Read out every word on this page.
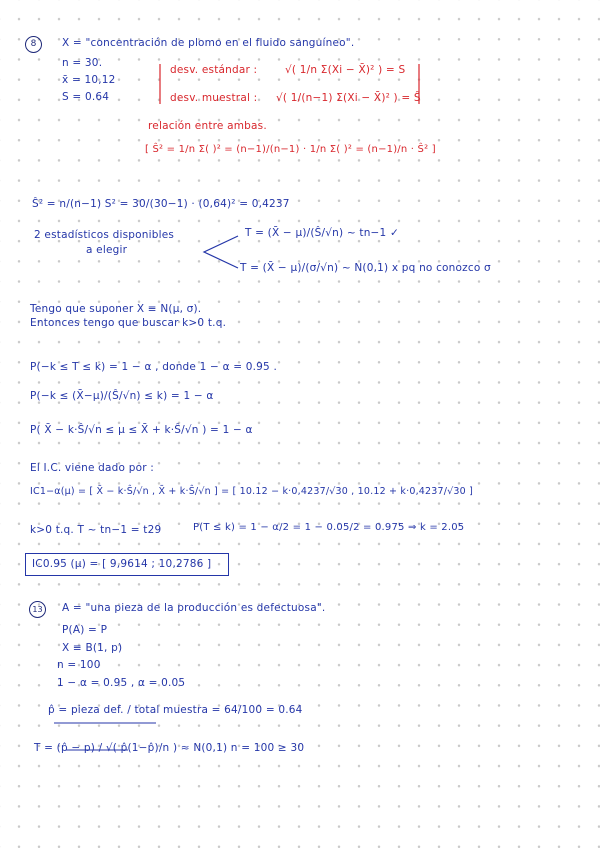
8	X = "concentración de plomo en el fluido sanguíneo".
n = 30.
x̄ = 10,12
S = 0.64
desv. estándar :	√( 1/n Σ(Xi − X̄)² ) = S
desv. muestral : √( 1/(n−1) Σ(Xi − X̄)² ) = Ŝ
relación entre ambas.
[ Ŝ² = 1/n Σ( )² = (n−1)/(n−1) · 1/n Σ( )² = (n−1)/n · Ŝ² ]
Ŝ² = n/(n−1) S² = 30/(30−1) · (0,64)² = 0,4237
2 estadísticos disponibles
a elegir
T = (X̄ − μ)/(Ŝ/√n) ~ tn−1 ✓
T = (X̄ − μ)/(σ/√n) ~ N(0,1) x pq no conozco σ
Tengo que suponer X ≡ N(μ, σ).
Entonces tengo que buscar k>0 t.q.
P(−k ≤ T ≤ k) = 1 − α , donde 1 − α = 0.95 .
P(−k ≤ (X̄−μ)/(Ŝ/√n) ≤ k) = 1 − α
P( X̄ − k·Ŝ/√n ≤ μ ≤ X̄ + k·Ŝ/√n ) = 1 − α
El I.C. viene dado por :
IC1−α(μ) = [ X̄ − k·Ŝ/√n , X̄ + k·Ŝ/√n ] = [ 10.12 − k·0,4237/√30 , 10.12 + k·0,4237/√30 ]
k>0 t.q. T ~ tn−1 = t29	P(T ≤ k) = 1 − α/2 = 1 − 0.05/2 = 0.975 ⇒ k = 2.05
IC0.95 (μ) = [ 9,9614 ; 10,2786 ]
13	A = "una pieza de la producción es defectuosa".
P(A) = P
X ≡ B(1, p)
n = 100
1 − α = 0.95 , α = 0.05
p̂ = pieza def. / total muestra = 64/100 = 0.64
T = (p̂ − p) / √( p̂(1−p̂)/n ) ≈ N(0,1) n = 100 ≥ 30
